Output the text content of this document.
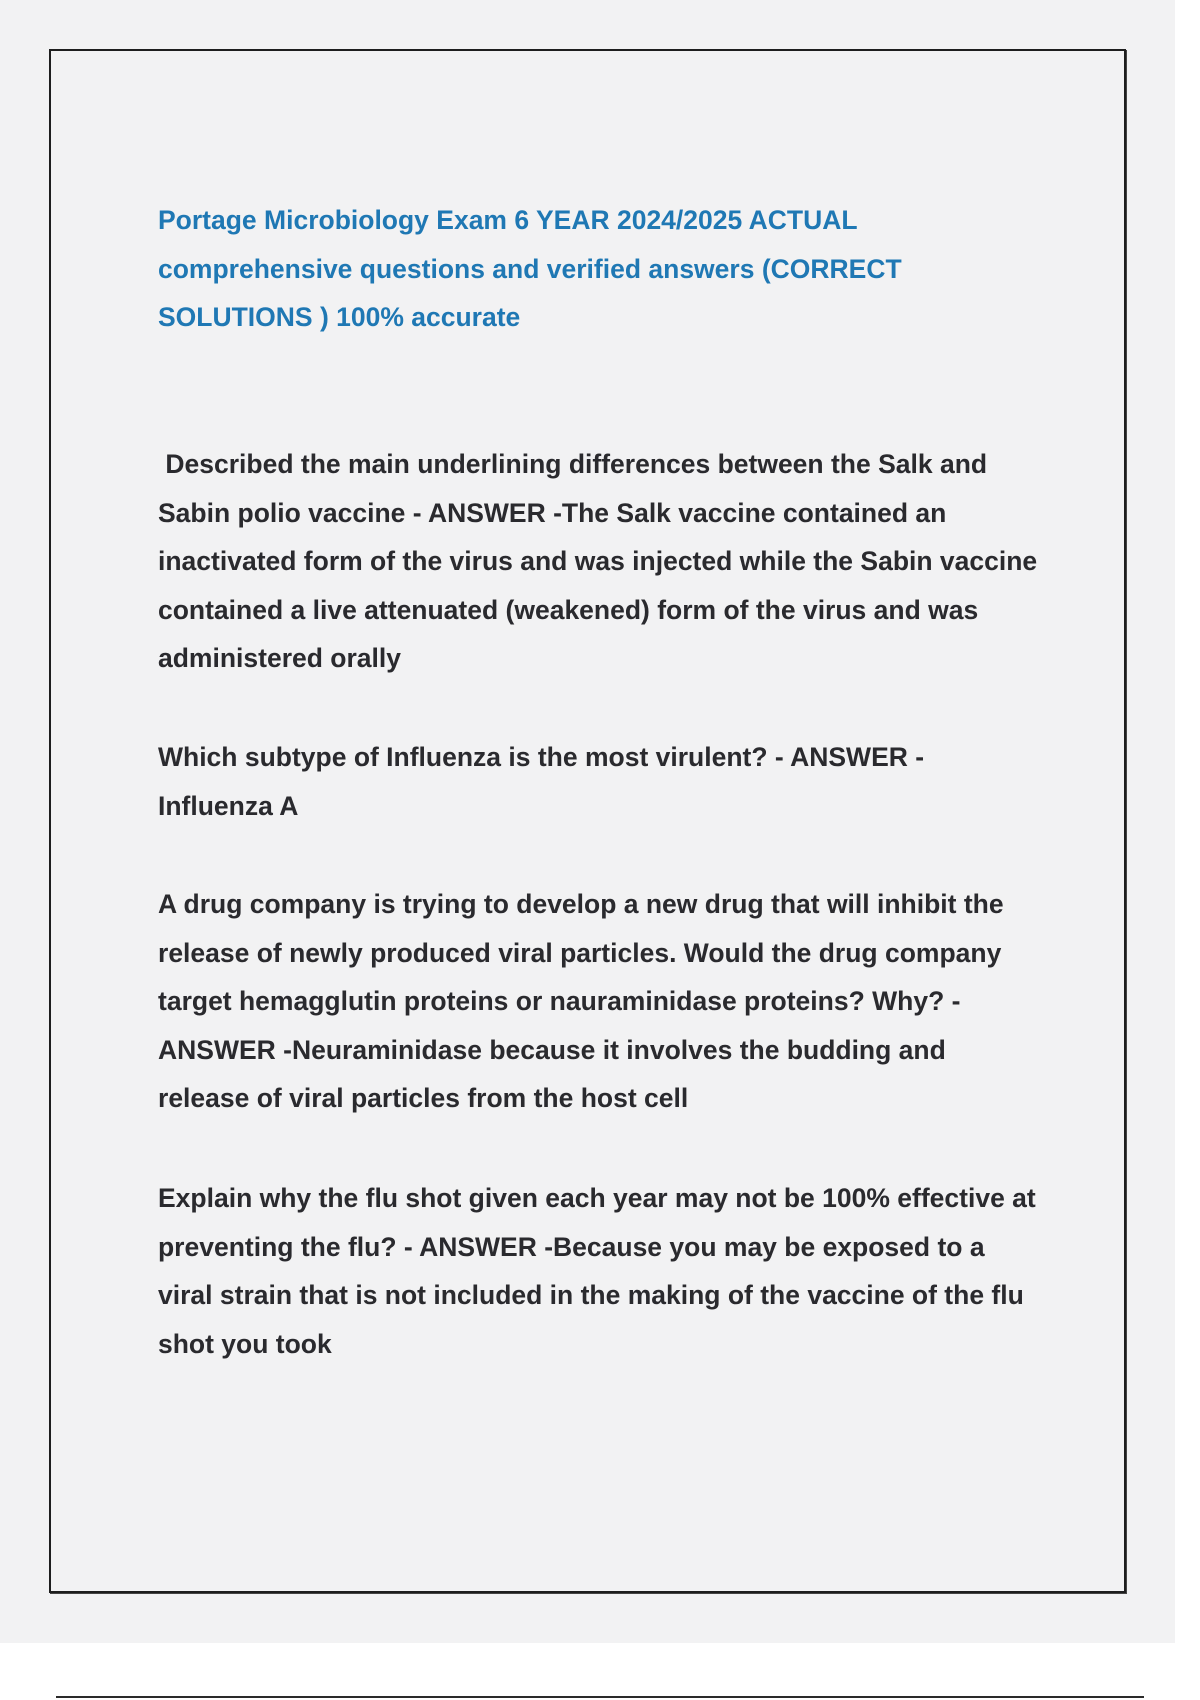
Portage Microbiology Exam 6 YEAR 2024/2025 ACTUAL comprehensive questions and verified answers (CORRECT SOLUTIONS ) 100% accurate

Described the main underlining differences between the Salk and Sabin polio vaccine - ANSWER -The Salk vaccine contained an inactivated form of the virus and was injected while the Sabin vaccine contained a live attenuated (weakened) form of the virus and was administered orally

Which subtype of Influenza is the most virulent? - ANSWER -Influenza A

A drug company is trying to develop a new drug that will inhibit the release of newly produced viral particles. Would the drug company target hemagglutin proteins or nauraminidase proteins? Why? - ANSWER -Neuraminidase because it involves the budding and release of viral particles from the host cell

Explain why the flu shot given each year may not be 100% effective at preventing the flu? - ANSWER -Because you may be exposed to a viral strain that is not included in the making of the vaccine of the flu shot you took
